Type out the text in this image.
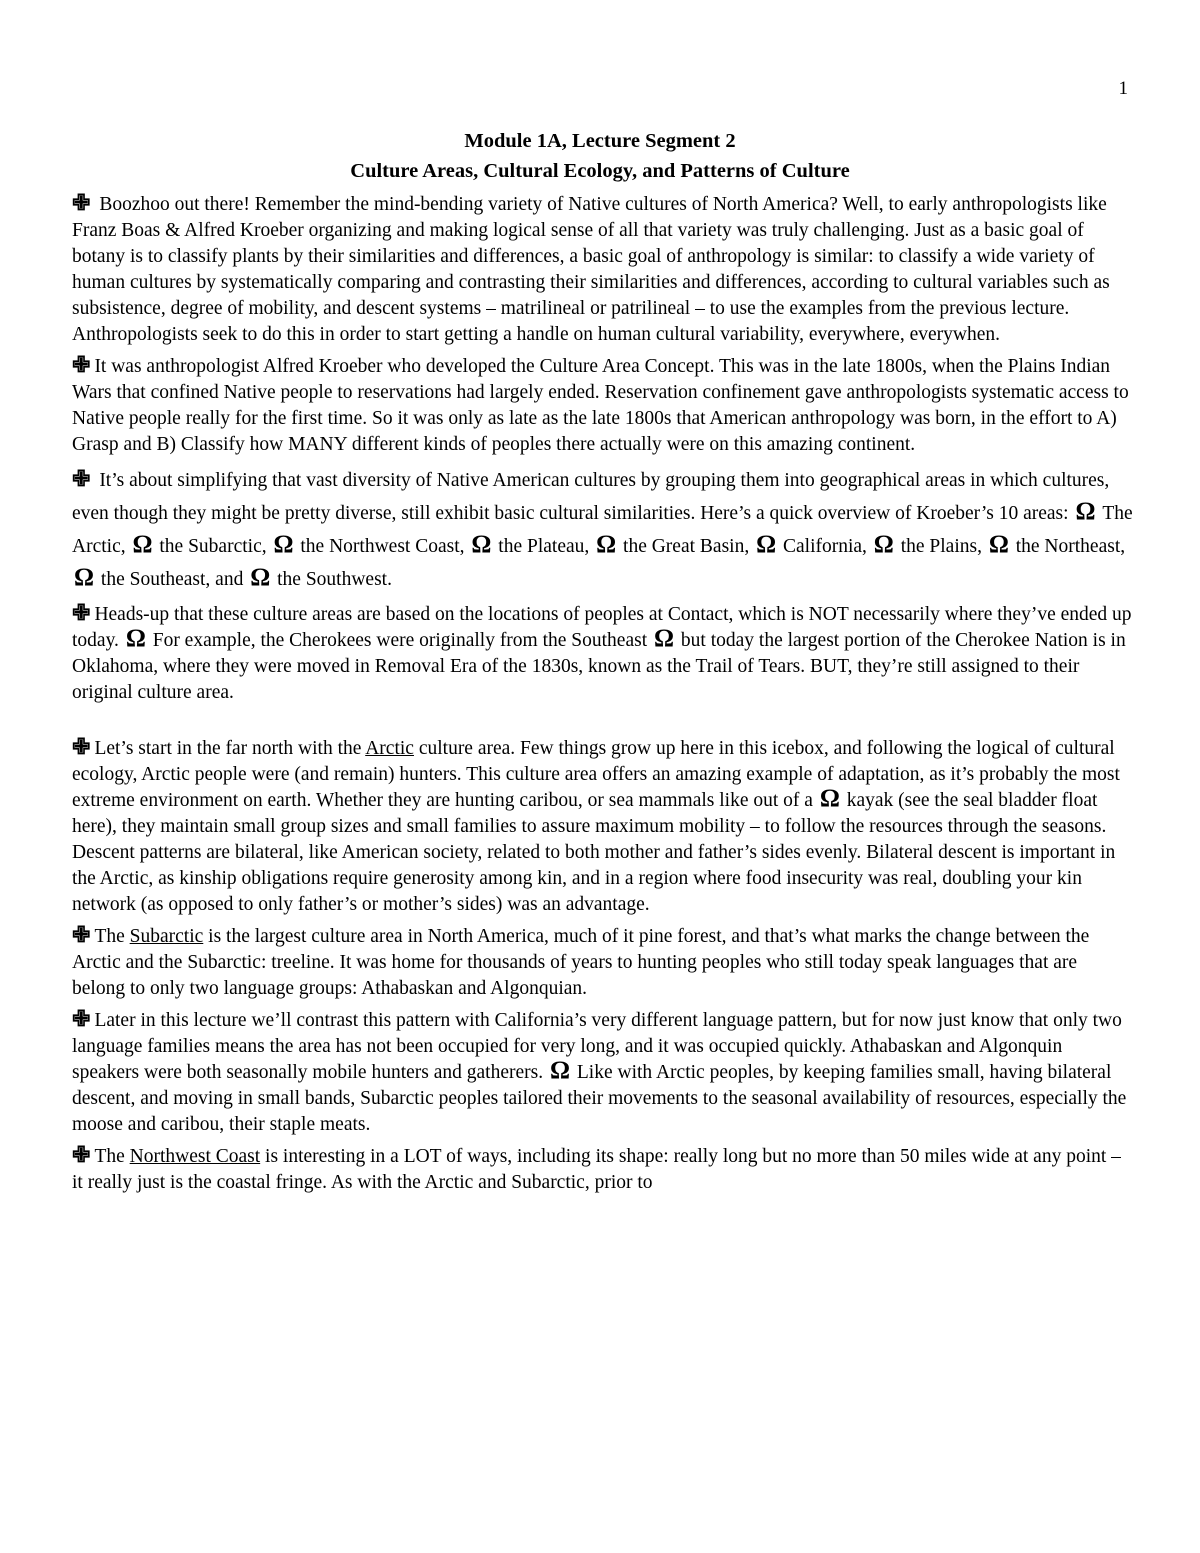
1
Module 1A, Lecture Segment 2
Culture Areas, Cultural Ecology, and Patterns of Culture

✙ Boozhoo out there! Remember the mind-bending variety of Native cultures of North America? Well, to early anthropologists like Franz Boas & Alfred Kroeber organizing and making logical sense of all that variety was truly challenging. Just as a basic goal of botany is to classify plants by their similarities and differences, a basic goal of anthropology is similar: to classify a wide variety of human cultures by systematically comparing and contrasting their similarities and differences, according to cultural variables such as subsistence, degree of mobility, and descent systems – matrilineal or patrilineal – to use the examples from the previous lecture. Anthropologists seek to do this in order to start getting a handle on human cultural variability, everywhere, everywhen.

✙ It was anthropologist Alfred Kroeber who developed the Culture Area Concept. This was in the late 1800s, when the Plains Indian Wars that confined Native people to reservations had largely ended. Reservation confinement gave anthropologists systematic access to Native people really for the first time. So it was only as late as the late 1800s that American anthropology was born, in the effort to A) Grasp and B) Classify how MANY different kinds of peoples there actually were on this amazing continent.

✙ It’s about simplifying that vast diversity of Native American cultures by grouping them into geographical areas in which cultures, even though they might be pretty diverse, still exhibit basic cultural similarities. Here’s a quick overview of Kroeber’s 10 areas: Ω The Arctic, Ω the Subarctic, Ω the Northwest Coast, Ω the Plateau, Ω the Great Basin, Ω California, Ω the Plains, Ω the Northeast, Ω the Southeast, and Ω the Southwest.

✙ Heads-up that these culture areas are based on the locations of peoples at Contact, which is NOT necessarily where they’ve ended up today. Ω For example, the Cherokees were originally from the Southeast Ω but today the largest portion of the Cherokee Nation is in Oklahoma, where they were moved in Removal Era of the 1830s, known as the Trail of Tears. BUT, they’re still assigned to their original culture area.

✙ Let’s start in the far north with the Arctic culture area. Few things grow up here in this icebox, and following the logical of cultural ecology, Arctic people were (and remain) hunters. This culture area offers an amazing example of adaptation, as it’s probably the most extreme environment on earth. Whether they are hunting caribou, or sea mammals like out of a Ω kayak (see the seal bladder float here), they maintain small group sizes and small families to assure maximum mobility – to follow the resources through the seasons. Descent patterns are bilateral, like American society, related to both mother and father’s sides evenly. Bilateral descent is important in the Arctic, as kinship obligations require generosity among kin, and in a region where food insecurity was real, doubling your kin network (as opposed to only father’s or mother’s sides) was an advantage.

✙ The Subarctic is the largest culture area in North America, much of it pine forest, and that’s what marks the change between the Arctic and the Subarctic: treeline. It was home for thousands of years to hunting peoples who still today speak languages that are belong to only two language groups: Athabaskan and Algonquian.

✙ Later in this lecture we’ll contrast this pattern with California’s very different language pattern, but for now just know that only two language families means the area has not been occupied for very long, and it was occupied quickly. Athabaskan and Algonquin speakers were both seasonally mobile hunters and gatherers. Ω Like with Arctic peoples, by keeping families small, having bilateral descent, and moving in small bands, Subarctic peoples tailored their movements to the seasonal availability of resources, especially the moose and caribou, their staple meats.

✙ The Northwest Coast is interesting in a LOT of ways, including its shape: really long but no more than 50 miles wide at any point – it really just is the coastal fringe. As with the Arctic and Subarctic, prior to
